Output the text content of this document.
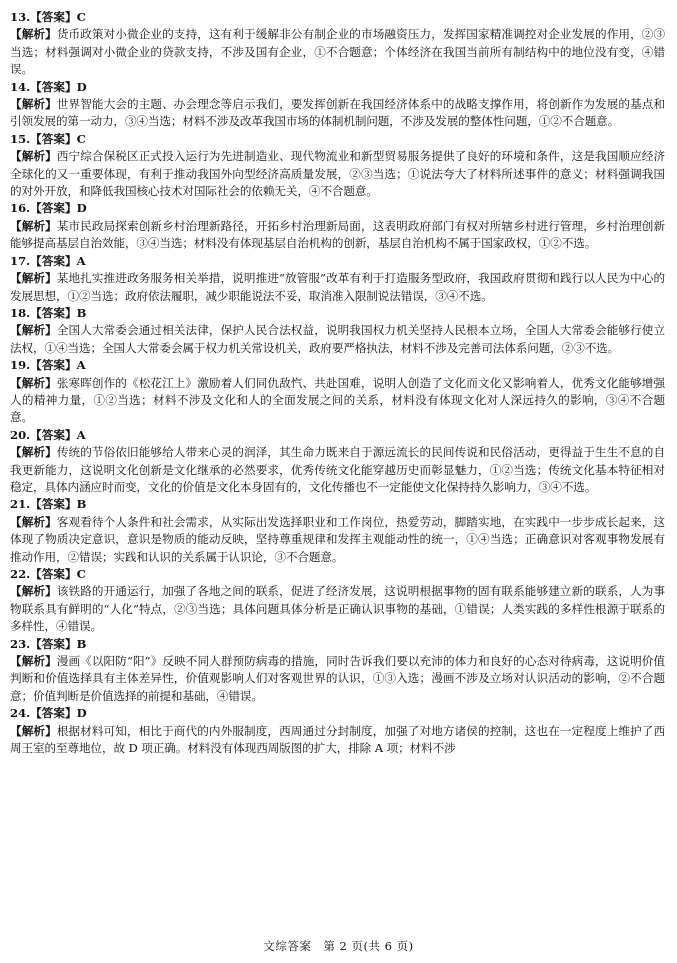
13.【答案】C
【解析】货币政策对小微企业的支持，这有利于缓解非公有制企业的市场融资压力，发挥国家精准调控对企业发展的作用，②③当选；材料强调对小微企业的贷款支持，不涉及国有企业，①不合题意；个体经济在我国当前所有制结构中的地位没有变，④错误。
14.【答案】D
【解析】世界智能大会的主题、办会理念等启示我们，要发挥创新在我国经济体系中的战略支撑作用，将创新作为发展的基点和引领发展的第一动力，③④当选；材料不涉及改革我国市场的体制机制问题，不涉及发展的整体性问题，①②不合题意。
15.【答案】C
【解析】西宁综合保税区正式投入运行为先进制造业、现代物流业和新型贸易服务提供了良好的环境和条件，这是我国顺应经济全球化的又一重要体现，有利于推动我国外向型经济高质量发展，②③当选；①说法夸大了材料所述事件的意义；材料强调我国的对外开放，和降低我国核心技术对国际社会的依赖无关，④不合题意。
16.【答案】D
【解析】某市民政局探索创新乡村治理新路径，开拓乡村治理新局面，这表明政府部门有权对所辖乡村进行管理，乡村治理创新能够提高基层自治效能，③④当选；材料没有体现基层自治机构的创新，基层自治机构不属于国家政权，①②不选。
17.【答案】A
【解析】某地扎实推进政务服务相关举措，说明推进“放管服”改革有利于打造服务型政府，我国政府贯彻和践行以人民为中心的发展思想，①②当选；政府依法履职，减少职能说法不妥，取消准入限制说法错误，③④不选。
18.【答案】B
【解析】全国人大常委会通过相关法律，保护人民合法权益，说明我国权力机关坚持人民根本立场，全国人大常委会能够行使立法权，①④当选；全国人大常委会属于权力机关常设机关，政府要严格执法，材料不涉及完善司法体系问题，②③不选。
19.【答案】A
【解析】张寒晖创作的《松花江上》激励着人们同仇敌忾、共赴国难，说明人创造了文化而文化又影响着人，优秀文化能够增强人的精神力量，①②当选；材料不涉及文化和人的全面发展之间的关系，材料没有体现文化对人深远持久的影响，③④不合题意。
20.【答案】A
【解析】传统的节俗依旧能够给人带来心灵的润泽，其生命力既来自于源远流长的民间传说和民俗活动，更得益于生生不息的自我更新能力，这说明文化创新是文化继承的必然要求，优秀传统文化能穿越历史而彰显魅力，①②当选；传统文化基本特征相对稳定，具体内涵应时而变，文化的价值是文化本身固有的，文化传播也不一定能使文化保持持久影响力，③④不选。
21.【答案】B
【解析】客观看待个人条件和社会需求，从实际出发选择职业和工作岗位，热爱劳动，脚踏实地，在实践中一步步成长起来，这体现了物质决定意识，意识是物质的能动反映，坚持尊重规律和发挥主观能动性的统一，①④当选；正确意识对客观事物发展有推动作用，②错误；实践和认识的关系属于认识论，③不合题意。
22.【答案】C
【解析】该铁路的开通运行，加强了各地之间的联系，促进了经济发展，这说明根据事物的固有联系能够建立新的联系，人为事物联系具有鲜明的“人化”特点，②③当选；具体问题具体分析是正确认识事物的基础，①错误；人类实践的多样性根源于联系的多样性，④错误。
23.【答案】B
【解析】漫画《以阳防“阳”》反映不同人群预防病毒的措施，同时告诉我们要以充沛的体力和良好的心态对待病毒，这说明价值判断和价值选择具有主体差异性，价值观影响人们对客观世界的认识，①③入选；漫画不涉及立场对认识活动的影响，②不合题意；价值判断是价值选择的前提和基础，④错误。
24.【答案】D
【解析】根据材料可知，相比于商代的内外服制度，西周通过分封制度，加强了对地方诸侯的控制，这也在一定程度上维护了西周王室的至尊地位，故 D 项正确。材料没有体现西周版图的扩大，排除 A 项；材料不涉
文综答案　第 2 页(共 6 页)
